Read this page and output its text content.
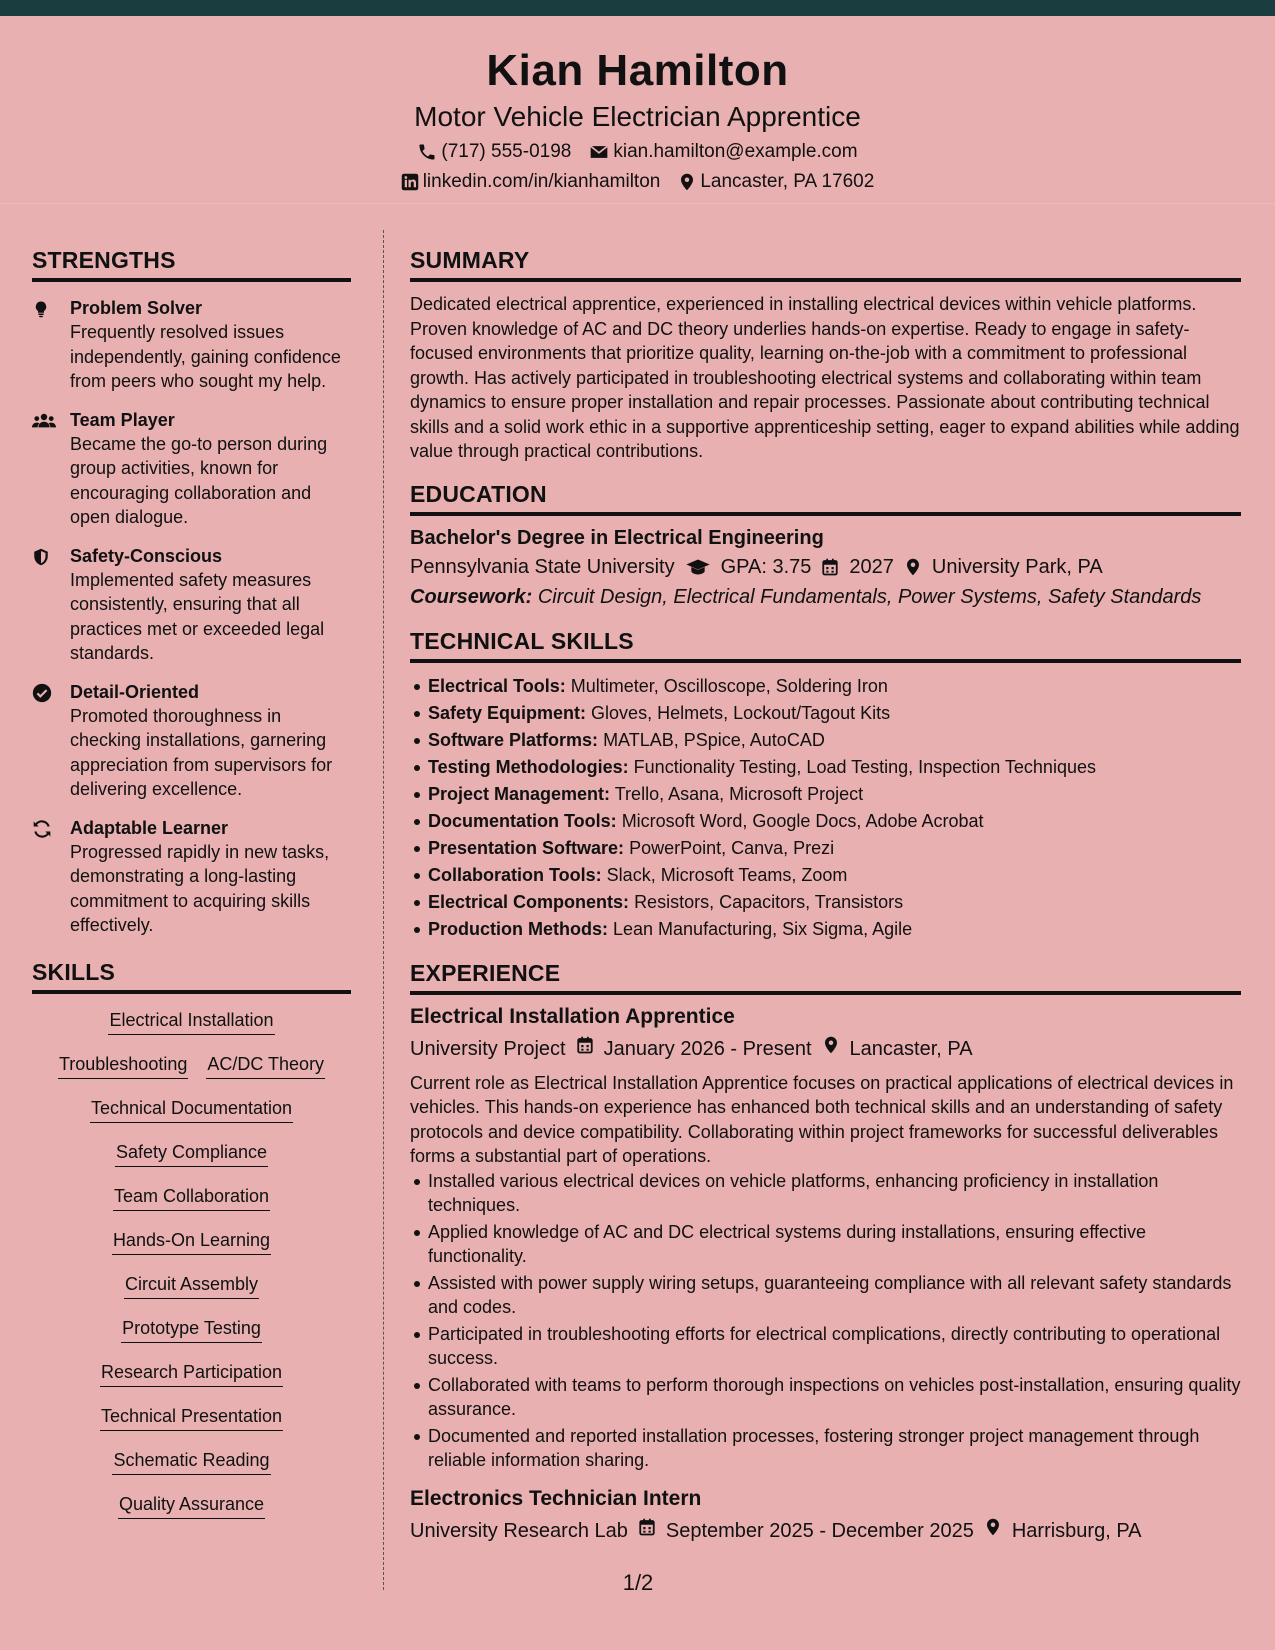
Kian Hamilton
Motor Vehicle Electrician Apprentice
(717) 555-0198 kian.hamilton@example.com
linkedin.com/in/kianhamilton Lancaster, PA 17602
STRENGTHS
Problem Solver
Frequently resolved issues independently, gaining confidence from peers who sought my help.
Team Player
Became the go-to person during group activities, known for encouraging collaboration and open dialogue.
Safety-Conscious
Implemented safety measures consistently, ensuring that all practices met or exceeded legal standards.
Detail-Oriented
Promoted thoroughness in checking installations, garnering appreciation from supervisors for delivering excellence.
Adaptable Learner
Progressed rapidly in new tasks, demonstrating a long-lasting commitment to acquiring skills effectively.
SKILLS
Electrical Installation
Troubleshooting AC/DC Theory
Technical Documentation
Safety Compliance
Team Collaboration
Hands-On Learning
Circuit Assembly
Prototype Testing
Research Participation
Technical Presentation
Schematic Reading
Quality Assurance
SUMMARY
Dedicated electrical apprentice, experienced in installing electrical devices within vehicle platforms. Proven knowledge of AC and DC theory underlies hands-on expertise. Ready to engage in safety-focused environments that prioritize quality, learning on-the-job with a commitment to professional growth. Has actively participated in troubleshooting electrical systems and collaborating within team dynamics to ensure proper installation and repair processes. Passionate about contributing technical skills and a solid work ethic in a supportive apprenticeship setting, eager to expand abilities while adding value through practical contributions.
EDUCATION
Bachelor's Degree in Electrical Engineering
Pennsylvania State University GPA: 3.75 2027 University Park, PA
Coursework: Circuit Design, Electrical Fundamentals, Power Systems, Safety Standards
TECHNICAL SKILLS
Electrical Tools: Multimeter, Oscilloscope, Soldering Iron
Safety Equipment: Gloves, Helmets, Lockout/Tagout Kits
Software Platforms: MATLAB, PSpice, AutoCAD
Testing Methodologies: Functionality Testing, Load Testing, Inspection Techniques
Project Management: Trello, Asana, Microsoft Project
Documentation Tools: Microsoft Word, Google Docs, Adobe Acrobat
Presentation Software: PowerPoint, Canva, Prezi
Collaboration Tools: Slack, Microsoft Teams, Zoom
Electrical Components: Resistors, Capacitors, Transistors
Production Methods: Lean Manufacturing, Six Sigma, Agile
EXPERIENCE
Electrical Installation Apprentice
University Project January 2026 - Present Lancaster, PA
Current role as Electrical Installation Apprentice focuses on practical applications of electrical devices in vehicles. This hands-on experience has enhanced both technical skills and an understanding of safety protocols and device compatibility. Collaborating within project frameworks for successful deliverables forms a substantial part of operations.
Installed various electrical devices on vehicle platforms, enhancing proficiency in installation techniques.
Applied knowledge of AC and DC electrical systems during installations, ensuring effective functionality.
Assisted with power supply wiring setups, guaranteeing compliance with all relevant safety standards and codes.
Participated in troubleshooting efforts for electrical complications, directly contributing to operational success.
Collaborated with teams to perform thorough inspections on vehicles post-installation, ensuring quality assurance.
Documented and reported installation processes, fostering stronger project management through reliable information sharing.
Electronics Technician Intern
University Research Lab September 2025 - December 2025 Harrisburg, PA
1/2
